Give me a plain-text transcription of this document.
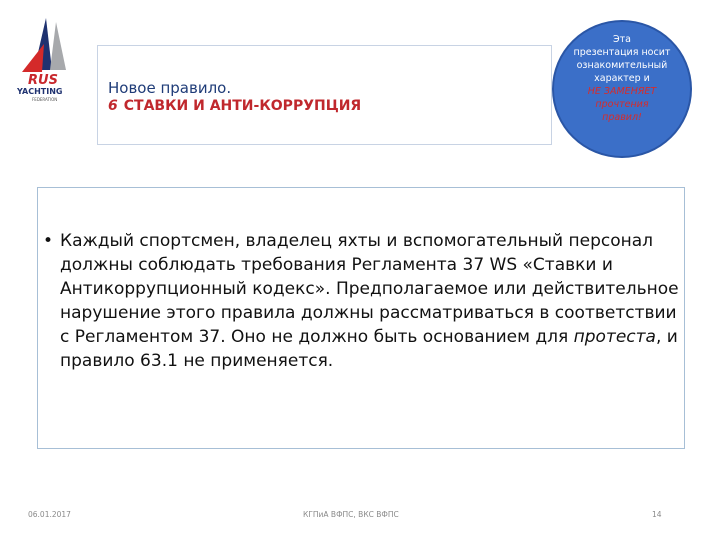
RUS
YACHTING
FEDERATION
Новое правило.
6 СТАВКИ И АНТИ-КОРРУПЦИЯ
Эта
презентация носит
ознакомительный
характер и
НЕ ЗАМЕНЯЕТ
прочтения
правил!
• Каждый спортсмен, владелец яхты и вспомогательный персонал должны соблюдать требования Регламента 37 WS «Ставки и Антикоррупционный кодекс». Предполагаемое или действительное нарушение этого правила должны рассматриваться в соответствии с Регламентом 37. Оно не должно быть основанием для протеста, и правило 63.1 не применяется.
06.01.2017	КГПиА ВФПС, ВКС ВФПС	14
